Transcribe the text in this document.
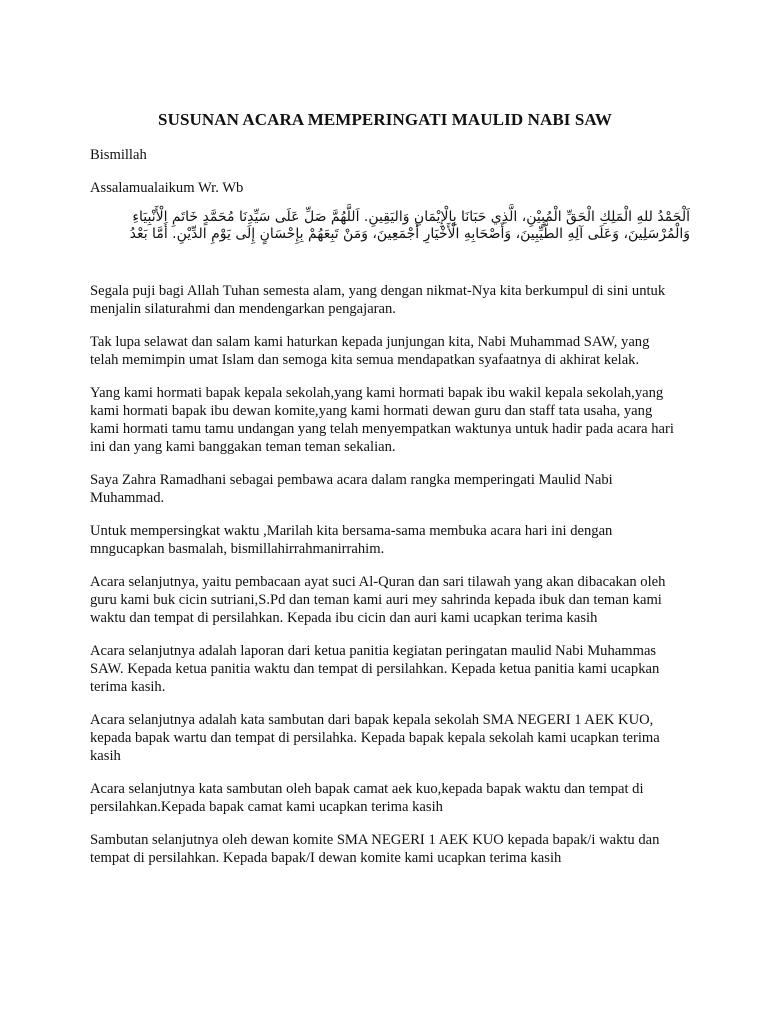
SUSUNAN ACARA MEMPERINGATI MAULID NABI SAW
Bismillah
Assalamualaikum Wr. Wb
اَلْحَمْدُ للهِ الْمَلِكِ الْحَقِّ الْمُبِيْنِ، الَّذِي حَبَانَا بِالْإِيْمَانِ وَاليَقِينِ. اَللَّهُمَّ صَلِّ عَلَى سَيِّدِنَا مُحَمَّدٍ خَاتَمِ الْأَنْبِيَاءِ وَالْمُرْسَلِينَ، وَعَلَى آلِهِ الطَّيِّبِينَ، وَأَصْحَابِهِ الْأَخْيَارِ أَجْمَعِينَ، وَمَنْ تَبِعَهُمْ بِإِحْسَانٍ إِلَى يَوْمِ الدِّيْنِ. أَمَّا بَعْدُ
Segala puji bagi Allah Tuhan semesta alam, yang dengan nikmat-Nya kita berkumpul di sini untuk menjalin silaturahmi dan mendengarkan pengajaran.
Tak lupa selawat dan salam kami haturkan kepada junjungan kita, Nabi Muhammad SAW, yang telah memimpin umat Islam dan semoga kita semua mendapatkan syafaatnya di akhirat kelak.
Yang kami hormati bapak kepala sekolah,yang kami hormati bapak ibu wakil kepala sekolah,yang kami hormati bapak ibu dewan komite,yang kami hormati dewan guru dan staff tata usaha, yang kami hormati tamu tamu undangan yang telah menyempatkan waktunya untuk hadir pada acara hari ini dan yang kami banggakan teman teman sekalian.
Saya Zahra Ramadhani sebagai pembawa acara dalam rangka memperingati Maulid Nabi Muhammad.
Untuk mempersingkat waktu ,Marilah kita bersama-sama membuka acara hari ini dengan mngucapkan basmalah, bismillahirrahmanirrahim.
Acara selanjutnya, yaitu pembacaan ayat suci Al-Quran dan sari tilawah yang akan dibacakan oleh guru kami buk cicin sutriani,S.Pd dan teman kami auri mey sahrinda kepada ibuk dan teman kami waktu dan tempat di persilahkan. Kepada ibu cicin dan auri kami ucapkan terima kasih
Acara selanjutnya adalah laporan dari ketua panitia kegiatan peringatan maulid Nabi Muhammas SAW. Kepada ketua panitia waktu dan tempat di persilahkan. Kepada ketua panitia kami ucapkan terima kasih.
Acara selanjutnya adalah kata sambutan dari bapak kepala sekolah SMA NEGERI 1 AEK KUO, kepada bapak wartu dan tempat di persilahka. Kepada bapak kepala sekolah kami ucapkan terima kasih
Acara selanjutnya kata sambutan oleh bapak camat aek kuo,kepada bapak waktu dan tempat di persilahkan.Kepada bapak camat kami ucapkan terima kasih
Sambutan selanjutnya oleh dewan komite SMA NEGERI 1 AEK KUO kepada bapak/i waktu dan tempat di persilahkan. Kepada bapak/I dewan komite kami ucapkan terima kasih
